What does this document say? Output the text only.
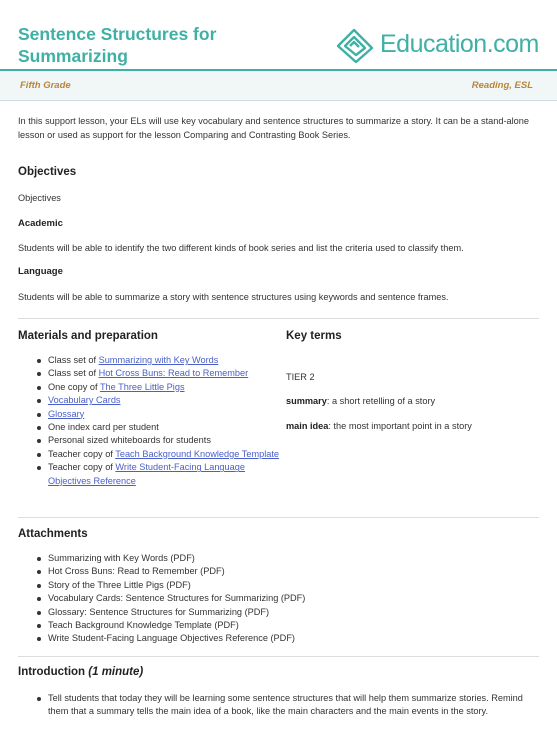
Sentence Structures for Summarizing	Education.com
Fifth Grade	Reading, ESL
In this support lesson, your ELs will use key vocabulary and sentence structures to summarize a story. It can be a stand-alone lesson or used as support for the lesson Comparing and Contrasting Book Series.
Objectives
Objectives
Academic
Students will be able to identify the two different kinds of book series and list the criteria used to classify them.
Language
Students will be able to summarize a story with sentence structures using keywords and sentence frames.
Materials and preparation
Class set of Summarizing with Key Words
Class set of Hot Cross Buns: Read to Remember
One copy of The Three Little Pigs
Vocabulary Cards
Glossary
One index card per student
Personal sized whiteboards for students
Teacher copy of Teach Background Knowledge Template
Teacher copy of Write Student-Facing Language Objectives Reference
Key terms
TIER 2
summary: a short retelling of a story
main idea: the most important point in a story
Attachments
Summarizing with Key Words (PDF)
Hot Cross Buns: Read to Remember (PDF)
Story of the Three Little Pigs (PDF)
Vocabulary Cards: Sentence Structures for Summarizing (PDF)
Glossary: Sentence Structures for Summarizing (PDF)
Teach Background Knowledge Template (PDF)
Write Student-Facing Language Objectives Reference (PDF)
Introduction (1 minute)
Tell students that today they will be learning some sentence structures that will help them summarize stories. Remind them that a summary tells the main idea of a book, like the main characters and the main events in the story.
